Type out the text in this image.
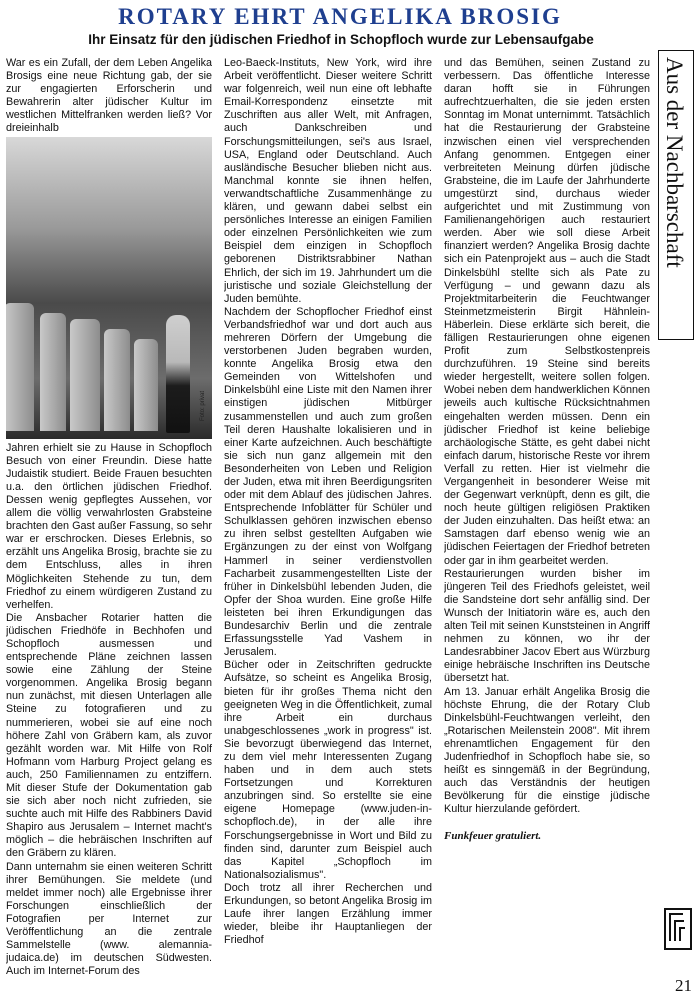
ROTARY EHRT ANGELIKA BROSIG
Ihr Einsatz für den jüdischen Friedhof in Schopfloch wurde zur Lebensaufgabe

War es ein Zufall, der dem Leben Angelika Brosigs eine neue Richtung gab, der sie zur engagierten Erforscherin und Bewahrerin alter jüdischer Kultur im westlichen Mittelfranken werden ließ? Vor dreieinhalb

Foto: privat

Jahren erhielt sie zu Hause in Schopfloch Besuch von einer Freundin. Diese hatte Judaistik studiert. Beide Frauen besuchten u.a. den örtlichen jüdischen Friedhof. Dessen wenig gepflegtes Aussehen, vor allem die völlig verwahrlosten Grabsteine brachten den Gast außer Fassung, so sehr war er erschrocken. Dieses Erlebnis, so erzählt uns Angelika Brosig, brachte sie zu dem Entschluss, alles in ihren Möglichkeiten Stehende zu tun, dem Friedhof zu einem würdigeren Zustand zu verhelfen.

Die Ansbacher Rotarier hatten die jüdischen Friedhöfe in Bechhofen und Schopfloch ausmessen und entsprechende Pläne zeichnen lassen sowie eine Zählung der Steine vorgenommen. Angelika Brosig begann nun zunächst, mit diesen Unterlagen alle Steine zu fotografieren und zu nummerieren, wobei sie auf eine noch höhere Zahl von Gräbern kam, als zuvor gezählt worden war. Mit Hilfe von Rolf Hofmann vom Harburg Project gelang es auch, 250 Familiennamen zu entziffern. Mit dieser Stufe der Dokumentation gab sie sich aber noch nicht zufrieden, sie suchte auch mit Hilfe des Rabbiners David Shapiro aus Jerusalem – Internet macht's möglich – die hebräischen Inschriften auf den Gräbern zu klären.

Dann unternahm sie einen weiteren Schritt ihrer Bemühungen. Sie meldete (und meldet immer noch) alle Ergebnisse ihrer Forschungen einschließlich der Fotografien per Internet zur Veröffentlichung an die zentrale Sammelstelle (www. alemannia-judaica.de) im deutschen Südwesten. Auch im Internet-Forum des

Leo-Baeck-Instituts, New York, wird ihre Arbeit veröffentlicht. Dieser weitere Schritt war folgenreich, weil nun eine oft lebhafte Email-Korrespondenz einsetzte mit Zuschriften aus aller Welt, mit Anfragen, auch Dankschreiben und Forschungsmitteilungen, sei's aus Israel, USA, England oder Deutschland. Auch ausländische Besucher blieben nicht aus. Manchmal konnte sie ihnen helfen, verwandtschaftliche Zusammenhänge zu klären, und gewann dabei selbst ein persönliches Interesse an einigen Familien oder einzelnen Persönlichkeiten wie zum Beispiel dem einzigen in Schopfloch geborenen Distriktsrabbiner Nathan Ehrlich, der sich im 19. Jahrhundert um die juristische und soziale Gleichstellung der Juden bemühte.

Nachdem der Schopflocher Friedhof einst Verbandsfriedhof war und dort auch aus mehreren Dörfern der Umgebung die verstorbenen Juden begraben wurden, konnte Angelika Brosig etwa den Gemeinden von Wittelshofen und Dinkelsbühl eine Liste mit den Namen ihrer einstigen jüdischen Mitbürger zusammenstellen und auch zum großen Teil deren Haushalte lokalisieren und in einer Karte aufzeichnen. Auch beschäftigte sie sich nun ganz allgemein mit den Besonderheiten von Leben und Religion der Juden, etwa mit ihren Beerdigungsriten oder mit dem Ablauf des jüdischen Jahres. Entsprechende Infoblätter für Schüler und Schulklassen gehören inzwischen ebenso zu ihren selbst gestellten Aufgaben wie Ergänzungen zu der einst von Wolfgang Hammerl in seiner verdienstvollen Facharbeit zusammengestellten Liste der früher in Dinkelsbühl lebenden Juden, die Opfer der Shoa wurden. Eine große Hilfe leisteten bei ihren Erkundigungen das Bundesarchiv Berlin und die zentrale Erfassungsstelle Yad Vashem in Jerusalem.

Bücher oder in Zeitschriften gedruckte Aufsätze, so scheint es Angelika Brosig, bieten für ihr großes Thema nicht den geeigneten Weg in die Öffentlichkeit, zumal ihre Arbeit ein durchaus unabgeschlossenes „work in progress" ist. Sie bevorzugt überwiegend das Internet, zu dem viel mehr Interessenten Zugang haben und in dem auch stets Fortsetzungen und Korrekturen anzubringen sind. So erstellte sie eine eigene Homepage (www.juden-in-schopfloch.de), in der alle ihre Forschungsergebnisse in Wort und Bild zu finden sind, darunter zum Beispiel auch das Kapitel „Schopfloch im Nationalsozialismus".

Doch trotz all ihrer Recherchen und Erkundungen, so betont Angelika Brosig im Laufe ihrer langen Erzählung immer wieder, bleibe ihr Hauptanliegen der Friedhof

und das Bemühen, seinen Zustand zu verbessern. Das öffentliche Interesse daran hofft sie in Führungen aufrechtzuerhalten, die sie jeden ersten Sonntag im Monat unternimmt. Tatsächlich hat die Restaurierung der Grabsteine inzwischen einen viel versprechenden Anfang genommen. Entgegen einer verbreiteten Meinung dürfen jüdische Grabsteine, die im Laufe der Jahrhunderte umgestürzt sind, durchaus wieder aufgerichtet und mit Zustimmung von Familienangehörigen auch restauriert werden. Aber wie soll diese Arbeit finanziert werden? Angelika Brosig dachte sich ein Patenprojekt aus – auch die Stadt Dinkelsbühl stellte sich als Pate zu Verfügung – und gewann dazu als Projektmitarbeiterin die Feuchtwanger Steinmetzmeisterin Birgit Hähnlein-Häberlein. Diese erklärte sich bereit, die fälligen Restaurierungen ohne eigenen Profit zum Selbstkostenpreis durchzuführen. 19 Steine sind bereits wieder hergestellt, weitere sollen folgen. Wobei neben dem handwerklichen Können jeweils auch kultische Rücksichtnahmen eingehalten werden müssen. Denn ein jüdischer Friedhof ist keine beliebige archäologische Stätte, es geht dabei nicht einfach darum, historische Reste vor ihrem Verfall zu retten. Hier ist vielmehr die Vergangenheit in besonderer Weise mit der Gegenwart verknüpft, denn es gilt, die noch heute gültigen religiösen Praktiken der Juden einzuhalten. Das heißt etwa: an Samstagen darf ebenso wenig wie an jüdischen Feiertagen der Friedhof betreten oder gar in ihm gearbeitet werden.

Restaurierungen wurden bisher im jüngeren Teil des Friedhofs geleistet, weil die Sandsteine dort sehr anfällig sind. Der Wunsch der Initiatorin wäre es, auch den alten Teil mit seinen Kunststeinen in Angriff nehmen zu können, wo ihr der Landesrabbiner Jacov Ebert aus Würzburg einige hebräische Inschriften ins Deutsche übersetzt hat.

Am 13. Januar erhält Angelika Brosig die höchste Ehrung, die der Rotary Club Dinkelsbühl-Feuchtwangen verleiht, den „Rotarischen Meilenstein 2008". Mit ihrem ehrenamtlichen Engagement für den Judenfriedhof in Schopfloch habe sie, so heißt es sinngemäß in der Begründung, auch das Verständnis der heutigen Bevölkerung für die einstige jüdische Kultur hierzulande gefördert.

Funkfeuer gratuliert.
Aus der Nachbarschaft
21
